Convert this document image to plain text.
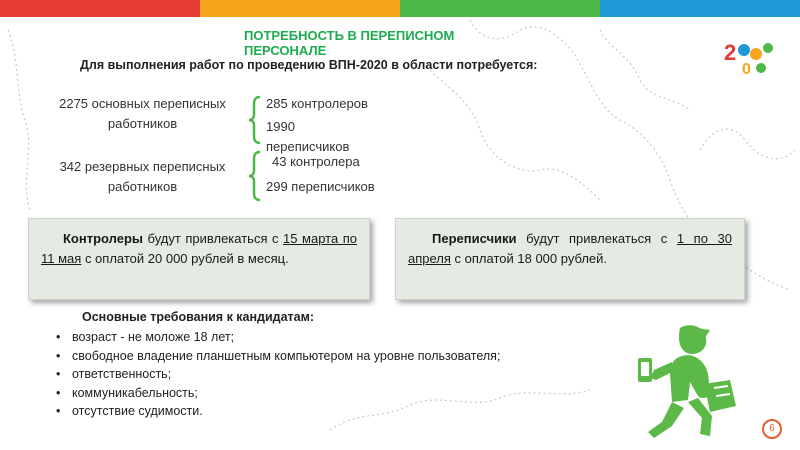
ПОТРЕБНОСТЬ В ПЕРЕПИСНОМ ПЕРСОНАЛЕ
Для выполнения работ по проведению ВПН-2020 в области потребуется:	2
0
2275 основных переписных работников
342 резервных переписных работников
285 контролеров
1990 переписчиков
43 контролера
299 переписчиков
Контролеры будут привлекаться с 15 марта по 11 мая с оплатой 20 000 рублей в месяц.
Переписчики будут привлекаться с 1 по 30 апреля с оплатой 18 000 рублей.
Основные требования к кандидатам:
• возраст - не моложе 18 лет;
• свободное владение планшетным компьютером на уровне пользователя;
• ответственность;
• коммуникабельность;
• отсутствие судимости.
6
